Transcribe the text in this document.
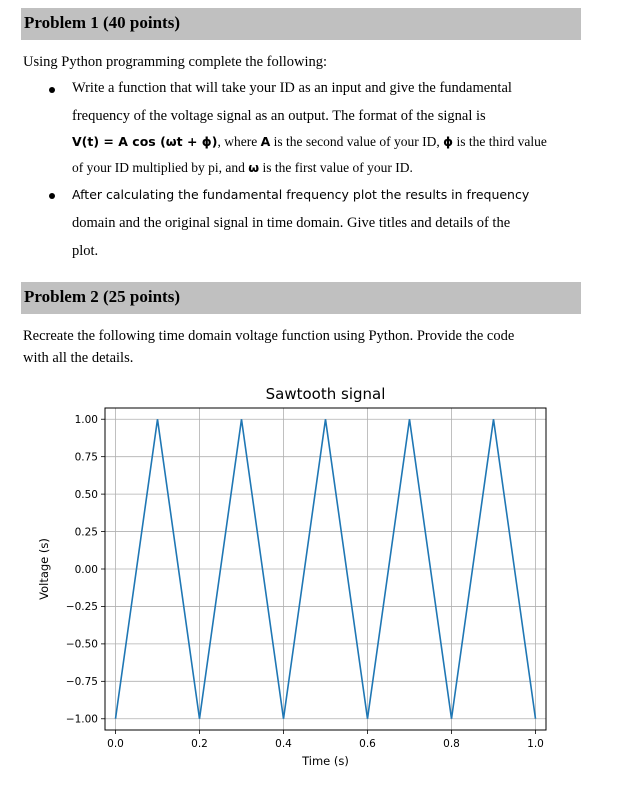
Problem 1 (40 points)
Using Python programming complete the following:
Write a function that will take your ID as an input and give the fundamental
frequency of the voltage signal as an output. The format of the signal is
V(t) = A cos (ωt + ϕ), where A is the second value of your ID, ϕ is the third value
of your ID multiplied by pi, and ω is the first value of your ID.
After calculating the fundamental frequency plot the results in frequency
domain and the original signal in time domain. Give titles and details of the
plot.
Problem 2 (25 points)
Recreate the following time domain voltage function using Python. Provide the code
with all the details.
0.0	0.2	0.4	0.6	0.8	1.0
1.00
0.75
0.50
0.25
0.00
−0.25
−0.50
−0.75
−1.00
Sawtooth signal
Time (s)
Voltage (s)
